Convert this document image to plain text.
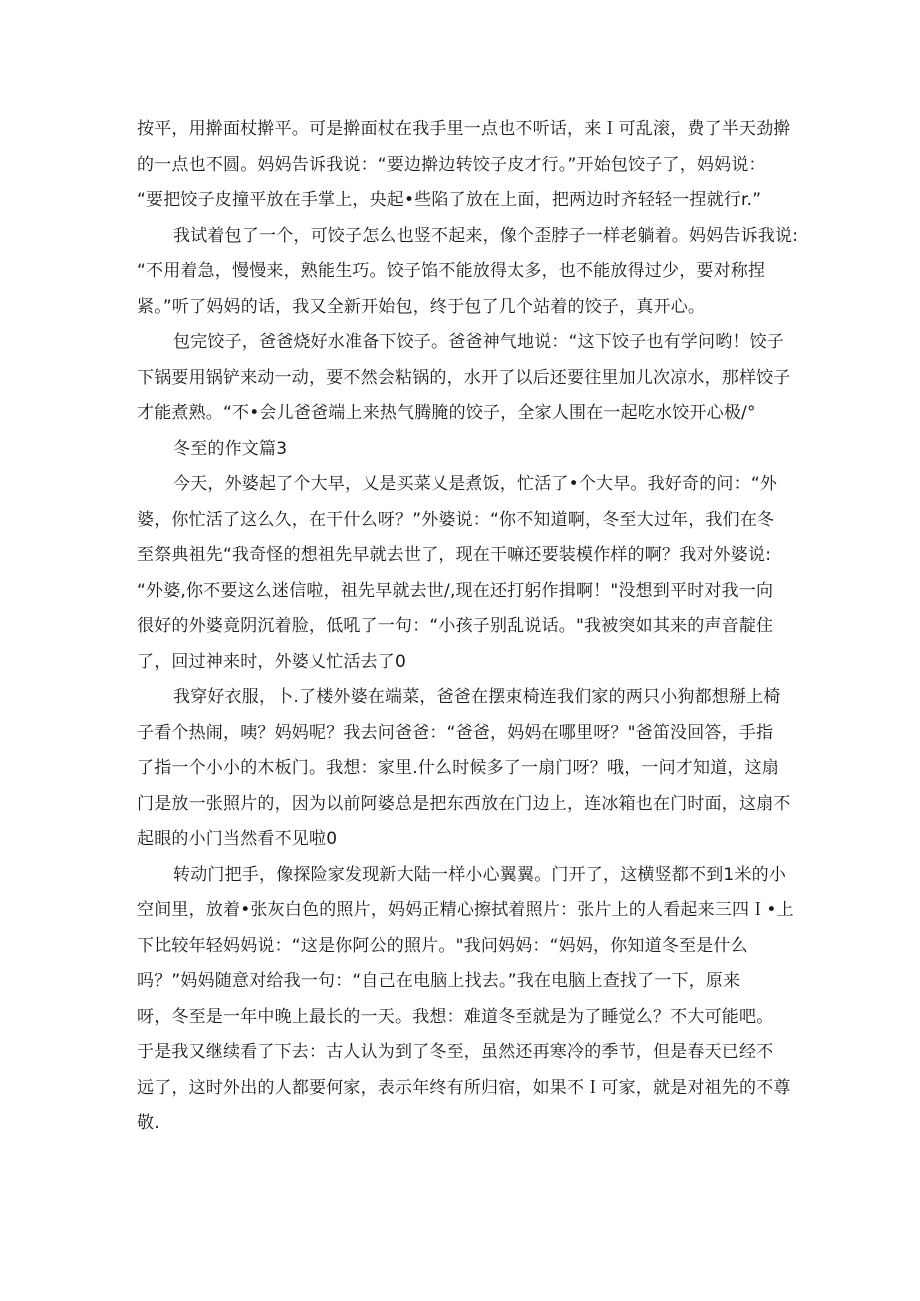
按平，用擀面杖擀平。可是擀面杖在我手里一点也不听话，来Ｉ可乱滚，费了半天劲擀
的一点也不圆。妈妈告诉我说：“要边擀边转饺子皮才行。”开始包饺子了，妈妈说：
“要把饺子皮撞平放在手掌上，央起•些陷了放在上面，把两边时齐轻轻一捏就行r.”
我试着包了一个，可饺子怎么也竖不起来，像个歪脖子一样老躺着。妈妈告诉我说:
“不用着急，慢慢来，熟能生巧。饺子馅不能放得太多，也不能放得过少，要对称捏
紧。”听了妈妈的话，我又全新开始包，终于包了几个站着的饺子，真开心。
包完饺子，爸爸烧好水准备下饺子。爸爸神气地说：“这下饺子也有学问哟！饺子
下锅要用锅铲来动一动，要不然会粘锅的，水开了以后还要往里加儿次凉水，那样饺子
才能煮熟。“不•会儿爸爸端上来热气腾腌的饺子，全家人围在一起吃水饺开心极/°
冬至的作文篇3
今天，外婆起了个大早，乂是买菜乂是煮饭，忙活了•个大早。我好奇的问：“外
婆，你忙活了这么久，在干什么呀？”外婆说：“你不知道啊，冬至大过年，我们在冬
至祭典祖先“我奇怪的想祖先早就去世了，现在干嘛还要装模作样的啊？我对外婆说:
“外婆,你不要这么迷信啦，祖先早就去世/,现在还打躬作揖啊！"没想到平时对我一向
很好的外婆竟阴沉着脸，低吼了一句：“小孩子别乱说话。"我被突如其来的声音靛住
了，回过神来时，外婆乂忙活去了0
我穿好衣服，卜.了楼外婆在端菜，爸爸在摆束椅连我们家的两只小狗都想掰上椅
子看个热闹，咦？妈妈呢？我去问爸爸：“爸爸，妈妈在哪里呀？"爸笛没回答，手指
了指一个小小的木板门。我想：家里.什么时候多了一扇门呀？哦，一问才知道，这扇
门是放一张照片的，因为以前阿婆总是把东西放在门边上，连冰箱也在门时面，这扇不
起眼的小门当然看不见啦0
转动门把手，像探险家发现新大陆一样小心翼翼。门开了，这横竖都不到1米的小
空间里，放着•张灰白色的照片，妈妈正精心擦拭着照片：张片上的人看起来三四Ｉ•上
下比较年轻妈妈说：“这是你阿公的照片。"我问妈妈：“妈妈，你知道冬至是什么
吗？”妈妈随意对给我一句：“自己在电脑上找去。”我在电脑上查找了一下，原来
呀，冬至是一年中晚上最长的一天。我想：难道冬至就是为了睡觉么？不大可能吧。
于是我又继续看了下去：古人认为到了冬至，虽然还再寒冷的季节，但是春天已经不
远了，这时外出的人都要何家，表示年终有所归宿，如果不Ｉ可家，就是对祖先的不尊
敬.
